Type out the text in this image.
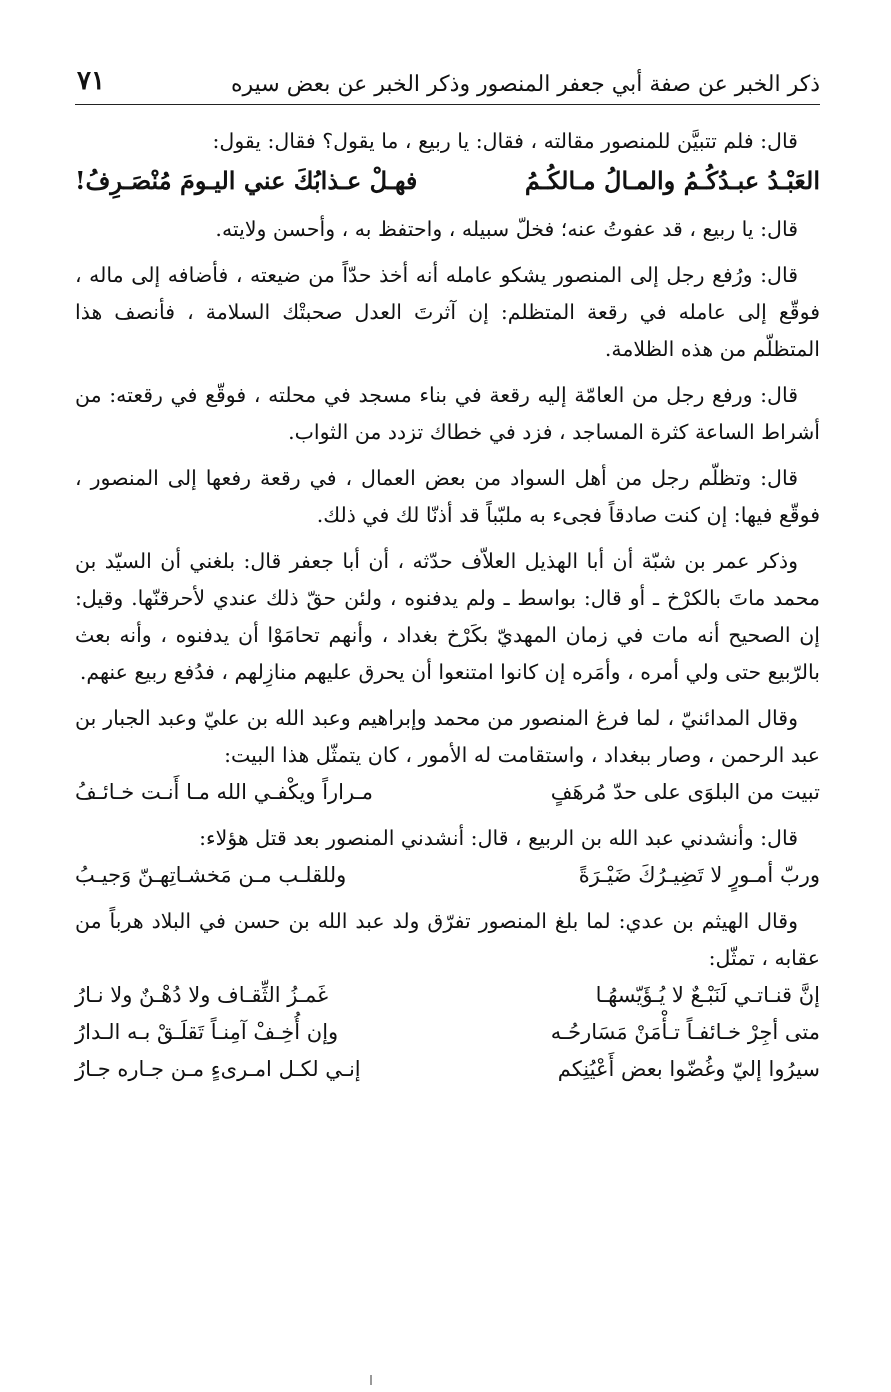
ذكر الخبر عن صفة أبي جعفر المنصور وذكر الخبر عن بعض سيره
٧١

قال: فلم تتبيَّن للمنصور مقالته ، فقال: يا ربيع ، ما يقول؟ فقال: يقول:

العَبْـدُ عبـدُكُـمُ والمـالُ مـالكُـمُ
فهـلْ عـذابُكَ عني اليـومَ مُنْصَـرِفُ!

قال: يا ربيع ، قد عفوتُ عنه؛ فخلّ سبيله ، واحتفظ به ، وأحسن ولايته.

قال: ورُفع رجل إلى المنصور يشكو عامله أنه أخذ حدّاً من ضيعته ، فأضافه إلى ماله ، فوقّع إلى عامله في رقعة المتظلم: إن آثرتَ العدل صحبتْك السلامة ، فأنصف هذا المتظلّم من هذه الظلامة.

قال: ورفع رجل من العامّة إليه رقعة في بناء مسجد في محلته ، فوقّع في رقعته: من أشراط الساعة كثرة المساجد ، فزد في خطاك تزدد من الثواب.

قال: وتظلّم رجل من أهل السواد من بعض العمال ، في رقعة رفعها إلى المنصور ، فوقّع فيها: إن كنت صادقاً فجىء به ملبّباً قد أذنّا لك في ذلك.

وذكر عمر بن شبّة أن أبا الهذيل العلاّف حدّثه ، أن أبا جعفر قال: بلغني أن السيّد بن محمد ماتَ بالكرْخ ـ أو قال: بواسط ـ ولم يدفنوه ، ولئن حقّ ذلك عندي لأحرقنّها. وقيل: إن الصحيح أنه مات في زمان المهديّ بكَرْخ بغداد ، وأنهم تحامَوْا أن يدفنوه ، وأنه بعث بالرّبيع حتى ولي أمره ، وأمَره إن كانوا امتنعوا أن يحرق عليهم منازِلهم ، فدُفع ربيع عنهم.

وقال المدائنيّ ، لما فرغ المنصور من محمد وإبراهيم وعبد الله بن عليّ وعبد الجبار بن عبد الرحمن ، وصار ببغداد ، واستقامت له الأمور ، كان يتمثّل هذا البيت:

تبيت من البلوَى على حدّ مُرهَفٍ
مـراراً ويكْفـي الله مـا أَنـت خـائـفُ

قال: وأنشدني عبد الله بن الربيع ، قال: أنشدني المنصور بعد قتل هؤلاء:

وربّ أمـورٍ لا تَضِيـرُكَ ضَيْـرَةً
وللقلـب مـن مَخشـاتِهـنّ وَجيـبُ

وقال الهيثم بن عدي: لما بلغ المنصور تفرّق ولد عبد الله بن حسن في البلاد هرباً من عقابه ، تمثّل:

إنَّ قنـاتـي لَنَبْـعٌ لا يُـؤَيّسهُـا
غَمـزُ الثِّقـاف ولا دُهْـنٌ ولا نـارُ
متى أجِرْ خـائفـاً تـأْمَنْ مَسَارحُـه
وإن أُخِـفْ آمِنـاً تَقلَـقْ بـه الـدارُ
سيرُوا إليّ وغُضّوا بعض أَعْيُنِكم
إنـي لكـل امـرىءٍ مـن جـاره جـارُ
